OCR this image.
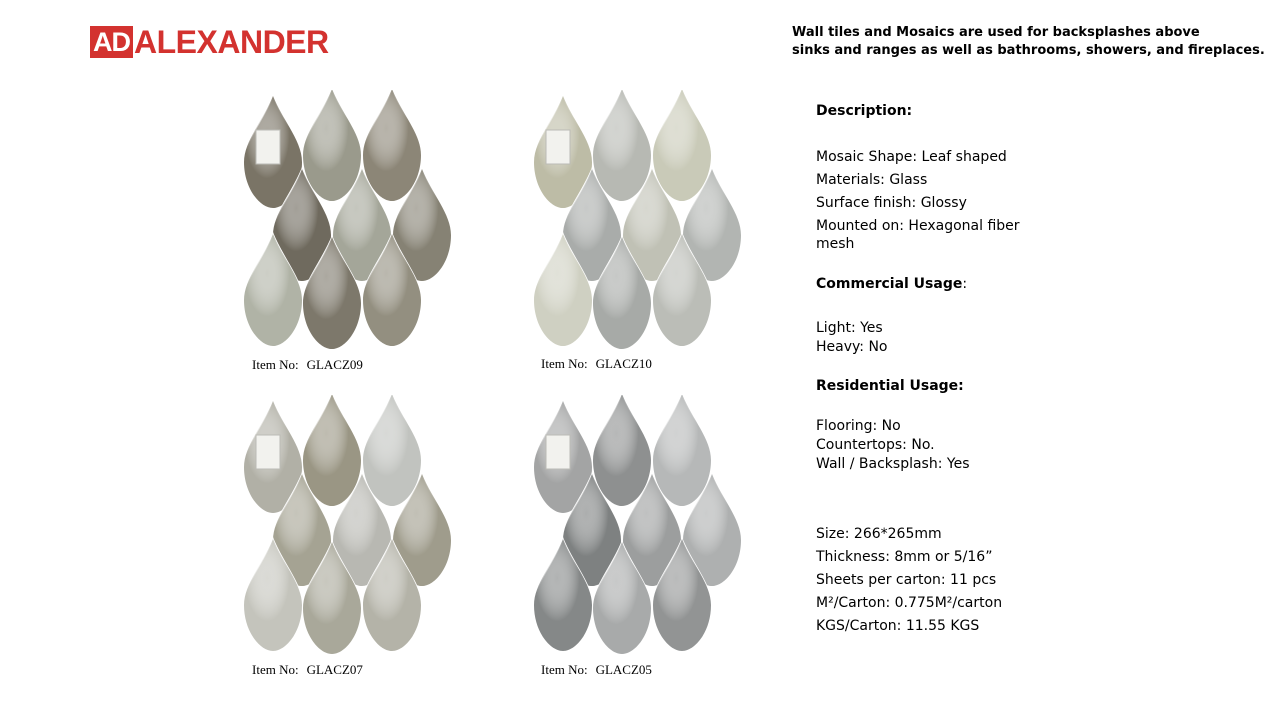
AD ALEXANDER	Wall tiles and Mosaics are used for backsplashes above
sinks and ranges as well as bathrooms, showers, and fireplaces.
Item No: GLACZ09	Item No: GLACZ10
Item No: GLACZ07	Item No: GLACZ05
Description:
Mosaic Shape: Leaf shaped
Materials: Glass
Surface finish: Glossy
Mounted on: Hexagonal fiber mesh
Commercial Usage:
Light: Yes
Heavy: No
Residential Usage:
Flooring: No
Countertops: No.
Wall / Backsplash: Yes
Size: 266*265mm
Thickness: 8mm or 5/16”
Sheets per carton: 11 pcs
M²/Carton: 0.775M²/carton
KGS/Carton: 11.55 KGS
